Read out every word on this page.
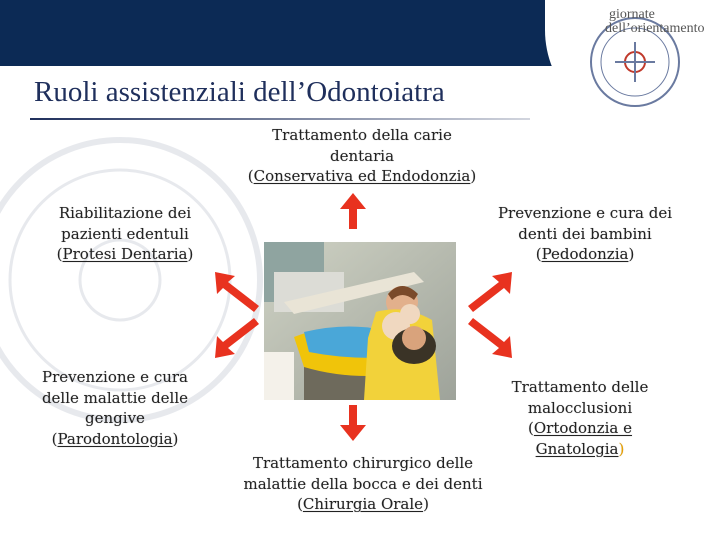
giornate
dell’orientamento
Ruoli assistenziali dell’Odontoiatra
Trattamento della carie
dentaria
(Conservativa ed Endodonzia)
Riabilitazione dei
pazienti edentuli
(Protesi Dentaria)
Prevenzione e cura dei
denti dei bambini
(Pedodonzia)
Prevenzione e cura
delle malattie delle
gengive
(Parodontologia)
Trattamento delle
malocclusioni
(Ortodonzia e
Gnatologia)
Trattamento chirurgico delle
malattie della bocca e dei denti
(Chirurgia Orale)
